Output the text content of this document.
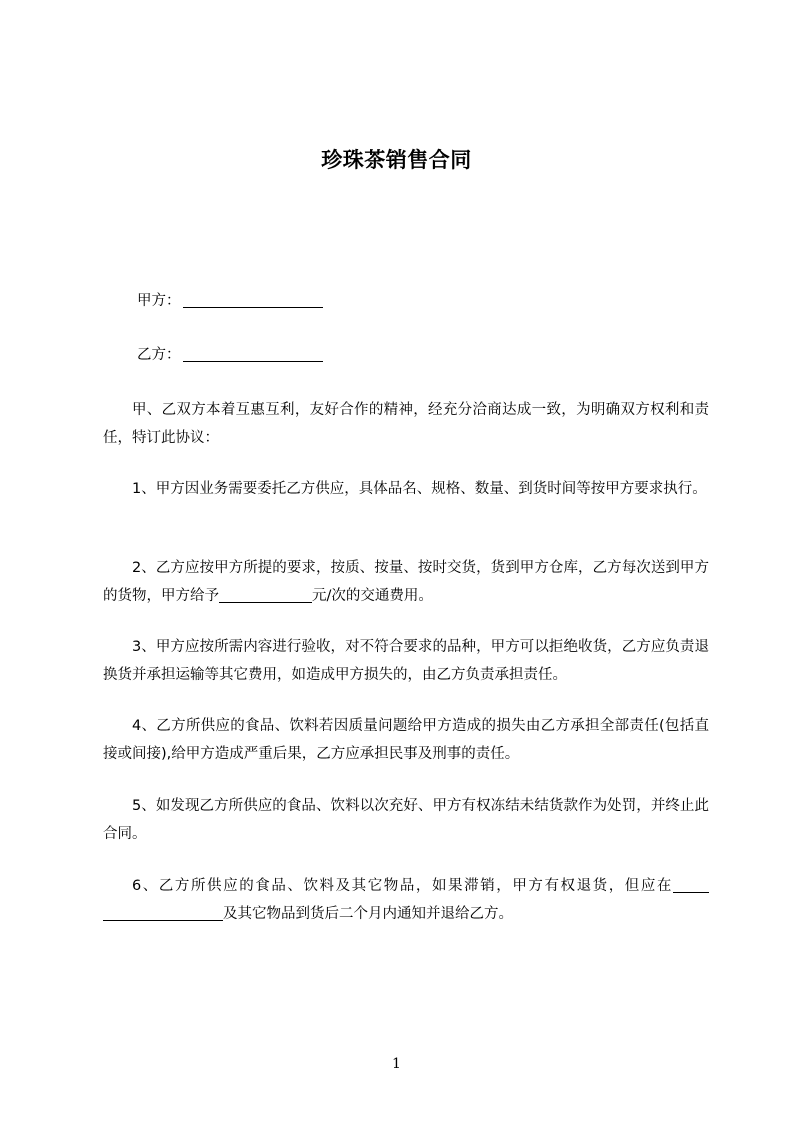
珍珠茶销售合同
甲方：
乙方：
甲、乙双方本着互惠互利，友好合作的精神，经充分洽商达成一致，为明确双方权利和责任，特订此协议：
1、甲方因业务需要委托乙方供应，具体品名、规格、数量、到货时间等按甲方要求执行。
2、乙方应按甲方所提的要求，按质、按量、按时交货，货到甲方仓库，乙方每次送到甲方的货物，甲方给予	元/次的交通费用。
3、甲方应按所需内容进行验收，对不符合要求的品种，甲方可以拒绝收货，乙方应负责退换货并承担运输等其它费用，如造成甲方损失的，由乙方负责承担责任。
4、乙方所供应的食品、饮料若因质量问题给甲方造成的损失由乙方承担全部责任(包括直接或间接),给甲方造成严重后果，乙方应承担民事及刑事的责任。
5、如发现乙方所供应的食品、饮料以次充好、甲方有权冻结未结货款作为处罚，并终止此合同。
6、乙方所供应的食品、饮料及其它物品，如果滞销，甲方有权退货，但应在及其它物品到货后二个月内通知并退给乙方。
1
